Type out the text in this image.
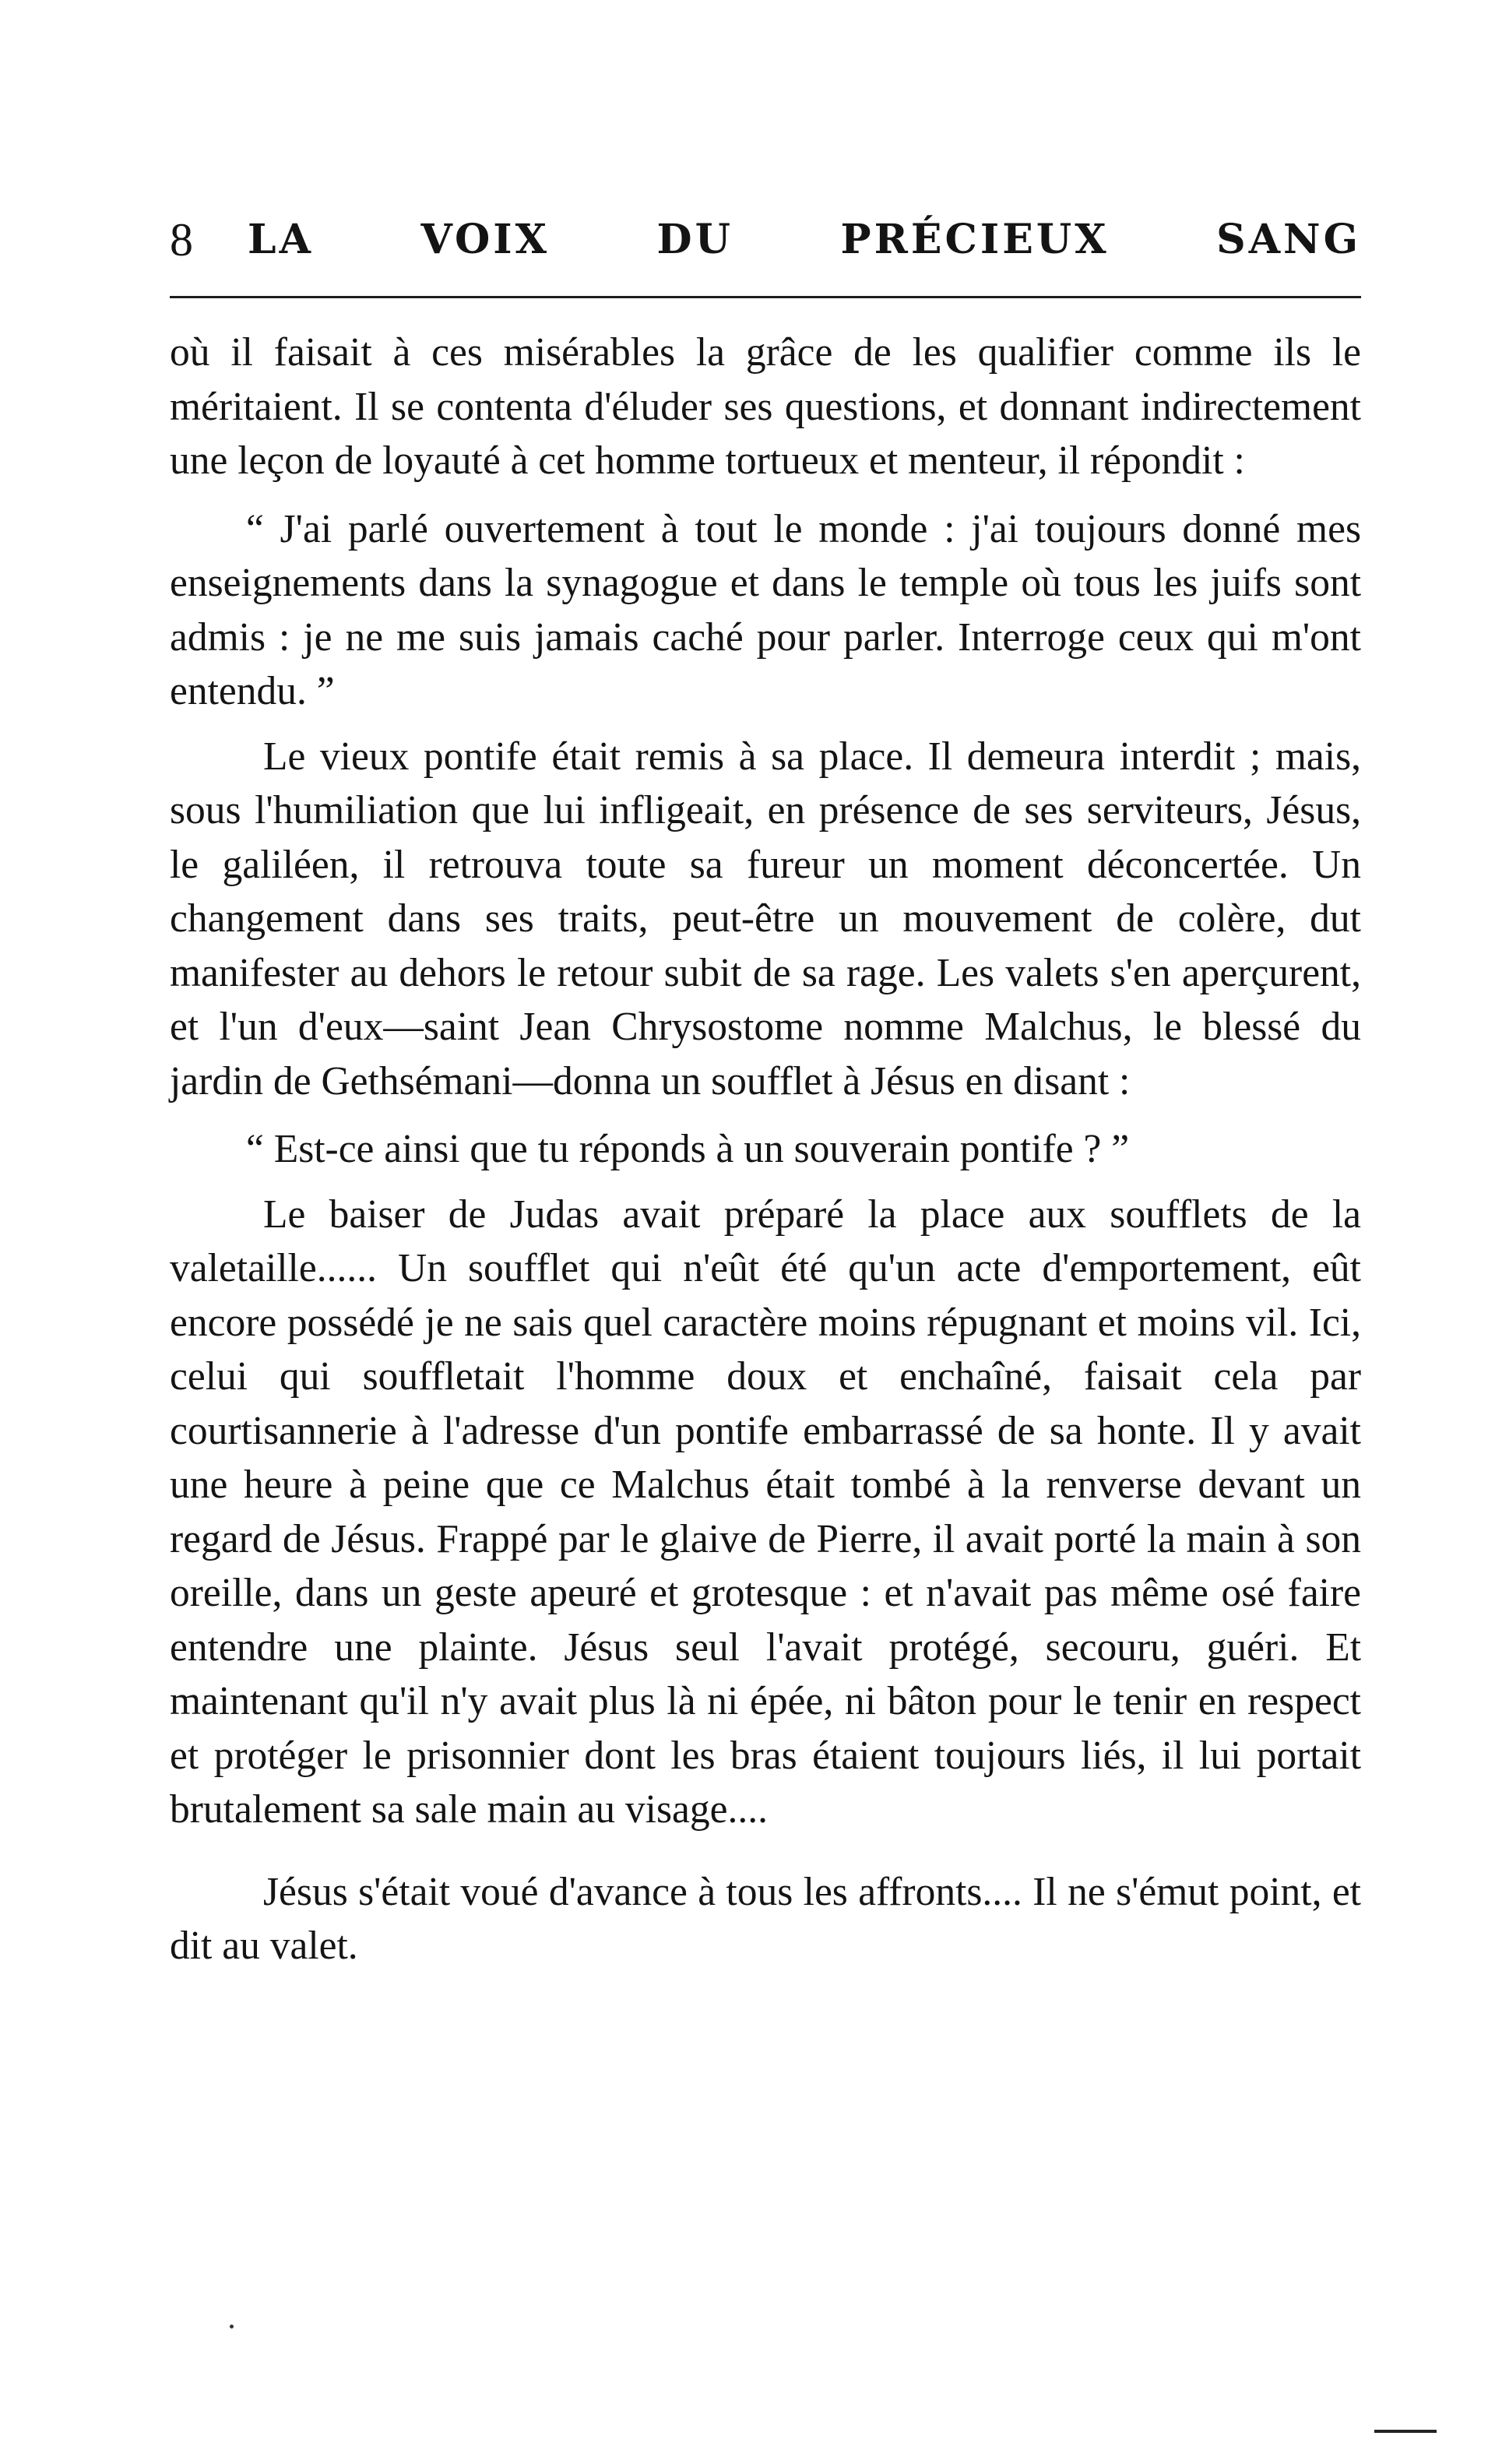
8 LA VOIX DU PRÉCIEUX SANG

où il faisait à ces misérables la grâce de les qualifier comme ils le méritaient. Il se contenta d'éluder ses questions, et donnant indirectement une leçon de loyauté à cet homme tortueux et menteur, il répondit :

“ J'ai parlé ouvertement à tout le monde : j'ai toujours donné mes enseignements dans la synagogue et dans le temple où tous les juifs sont admis : je ne me suis jamais caché pour parler. Interroge ceux qui m'ont entendu. ”

Le vieux pontife était remis à sa place. Il demeura interdit ; mais, sous l'humiliation que lui infligeait, en présence de ses serviteurs, Jésus, le galiléen, il retrouva toute sa fureur un moment déconcertée. Un changement dans ses traits, peut-être un mouvement de colère, dut manifester au dehors le retour subit de sa rage. Les valets s'en aperçurent, et l'un d'eux—saint Jean Chrysostome nomme Malchus, le blessé du jardin de Gethsémani—donna un soufflet à Jésus en disant :

“ Est-ce ainsi que tu réponds à un souverain pontife ? ”

Le baiser de Judas avait préparé la place aux soufflets de la valetaille...... Un soufflet qui n'eût été qu'un acte d'emportement, eût encore possédé je ne sais quel caractère moins répugnant et moins vil. Ici, celui qui souffletait l'homme doux et enchaîné, faisait cela par courtisannerie à l'adresse d'un pontife embarrassé de sa honte. Il y avait une heure à peine que ce Malchus était tombé à la renverse devant un regard de Jésus. Frappé par le glaive de Pierre, il avait porté la main à son oreille, dans un geste apeuré et grotesque : et n'avait pas même osé faire entendre une plainte. Jésus seul l'avait protégé, secouru, guéri. Et maintenant qu'il n'y avait plus là ni épée, ni bâton pour le tenir en respect et protéger le prisonnier dont les bras étaient toujours liés, il lui portait brutalement sa sale main au visage....

Jésus s'était voué d'avance à tous les affronts.... Il ne s'émut point, et dit au valet.
